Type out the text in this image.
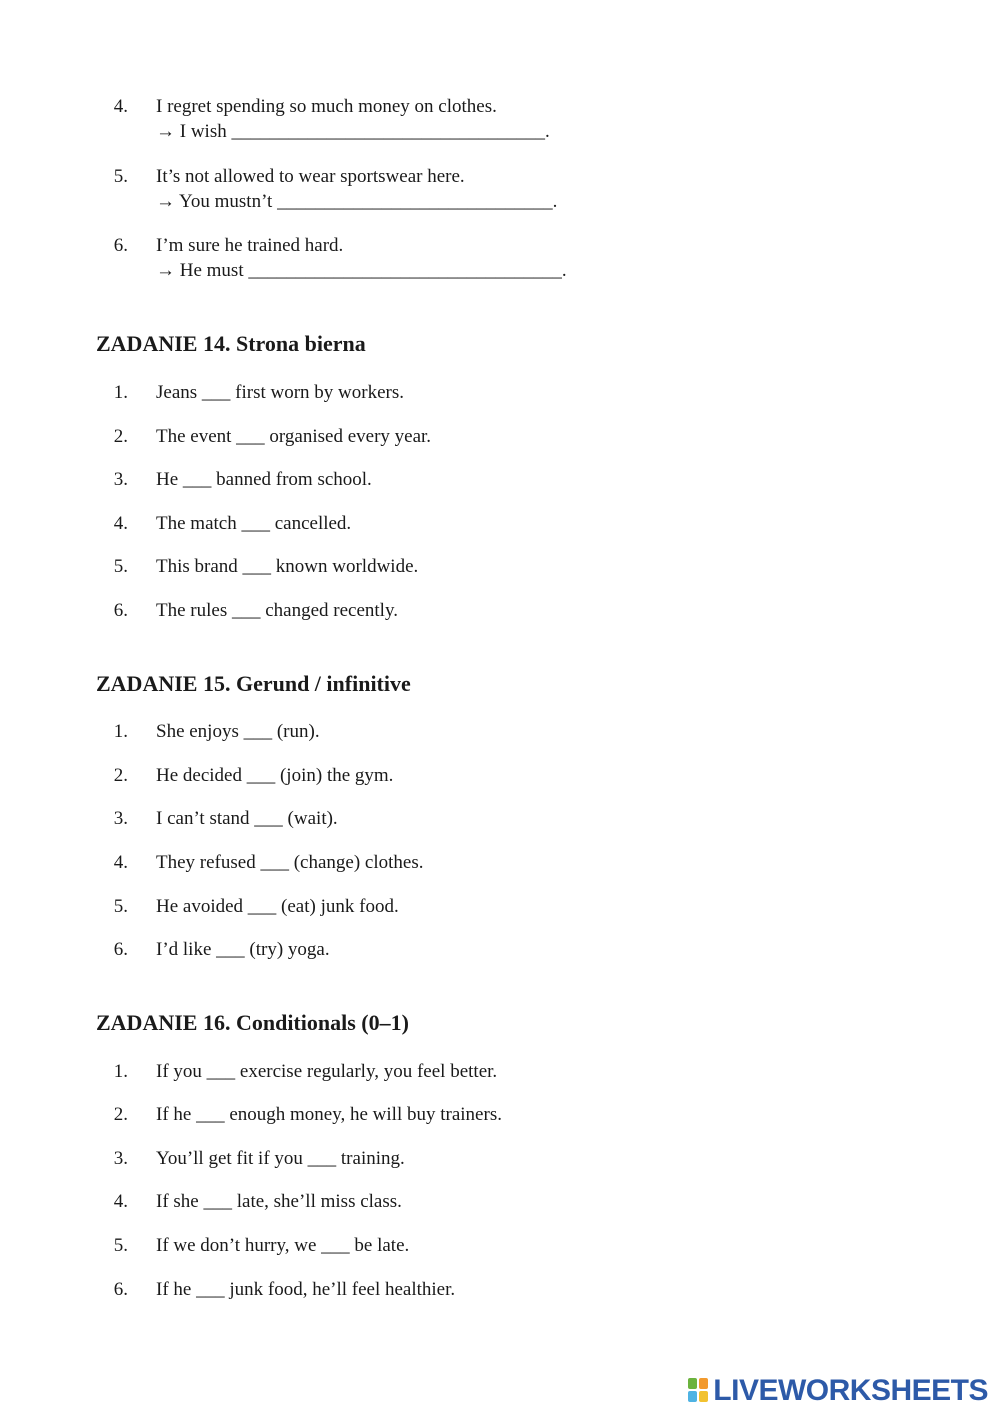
4. I regret spending so much money on clothes.
→ I wish _________________________________.
5. It’s not allowed to wear sportswear here.
→ You mustn’t _____________________________.
6. I’m sure he trained hard.
→ He must _________________________________.
ZADANIE 14. Strona bierna
1. Jeans ___ first worn by workers.
2. The event ___ organised every year.
3. He ___ banned from school.
4. The match ___ cancelled.
5. This brand ___ known worldwide.
6. The rules ___ changed recently.
ZADANIE 15. Gerund / infinitive
1. She enjoys ___ (run).
2. He decided ___ (join) the gym.
3. I can’t stand ___ (wait).
4. They refused ___ (change) clothes.
5. He avoided ___ (eat) junk food.
6. I’d like ___ (try) yoga.
ZADANIE 16. Conditionals (0–1)
1. If you ___ exercise regularly, you feel better.
2. If he ___ enough money, he will buy trainers.
3. You’ll get fit if you ___ training.
4. If she ___ late, she’ll miss class.
5. If we don’t hurry, we ___ be late.
6. If he ___ junk food, he’ll feel healthier.
LIVEWORKSHEETS
